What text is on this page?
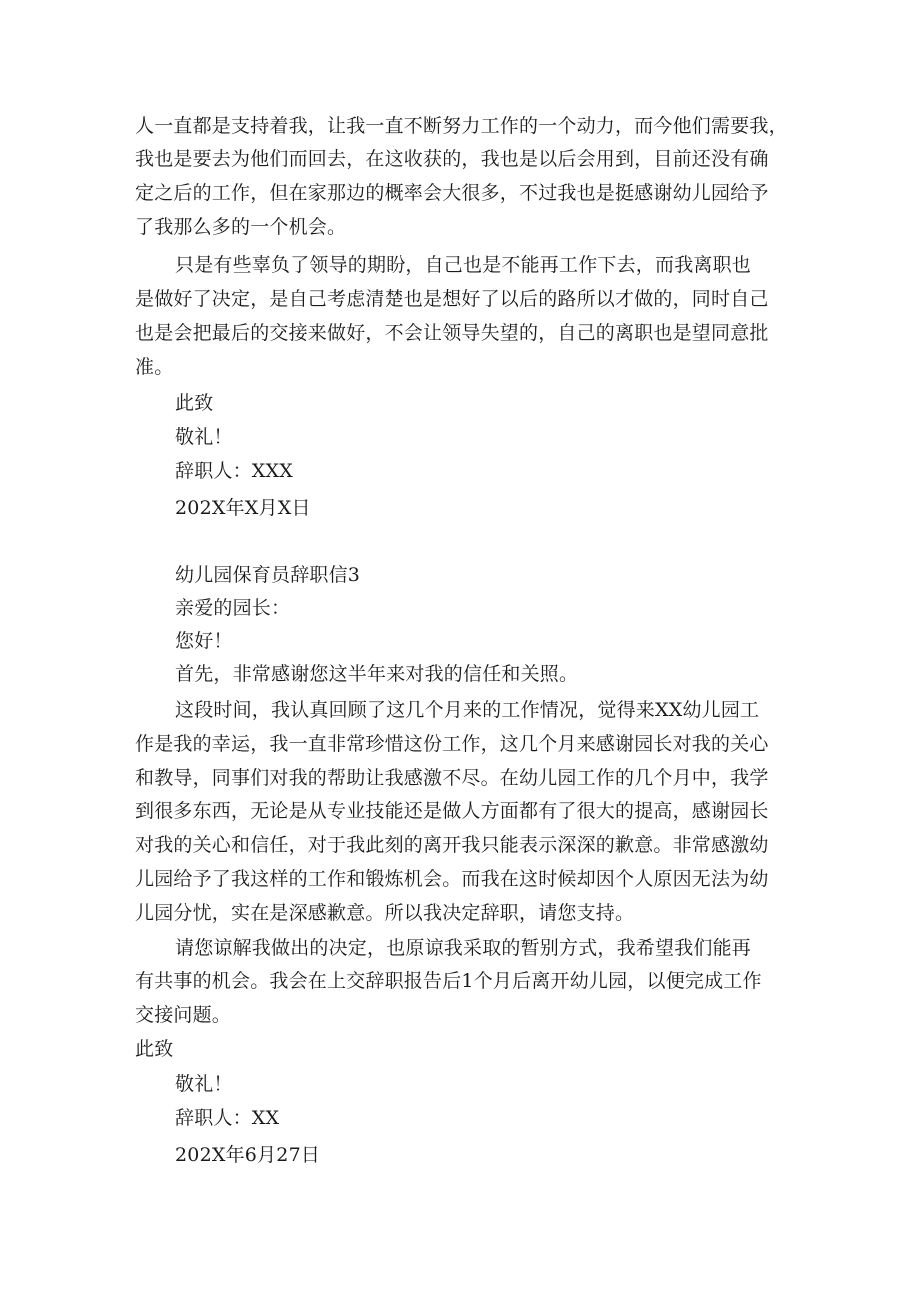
人一直都是支持着我，让我一直不断努力工作的一个动力，而今他们需要我，
我也是要去为他们而回去，在这收获的，我也是以后会用到，目前还没有确
定之后的工作，但在家那边的概率会大很多，不过我也是挺感谢幼儿园给予
了我那么多的一个机会。
只是有些辜负了领导的期盼，自己也是不能再工作下去，而我离职也
是做好了决定，是自己考虑清楚也是想好了以后的路所以才做的，同时自己
也是会把最后的交接来做好，不会让领导失望的，自己的离职也是望同意批
准。
此致
敬礼！
辞职人：XXX
202X年X月X日
幼儿园保育员辞职信3
亲爱的园长：
您好！
首先，非常感谢您这半年来对我的信任和关照。
这段时间，我认真回顾了这几个月来的工作情况，觉得来XX幼儿园工
作是我的幸运，我一直非常珍惜这份工作，这几个月来感谢园长对我的关心
和教导，同事们对我的帮助让我感激不尽。在幼儿园工作的几个月中，我学
到很多东西，无论是从专业技能还是做人方面都有了很大的提高，感谢园长
对我的关心和信任，对于我此刻的离开我只能表示深深的歉意。非常感激幼
儿园给予了我这样的工作和锻炼机会。而我在这时候却因个人原因无法为幼
儿园分忧，实在是深感歉意。所以我决定辞职，请您支持。
请您谅解我做出的决定，也原谅我采取的暂别方式，我希望我们能再
有共事的机会。我会在上交辞职报告后1个月后离开幼儿园，以便完成工作
交接问题。
此致
敬礼！
辞职人：XX
202X年6月27日
